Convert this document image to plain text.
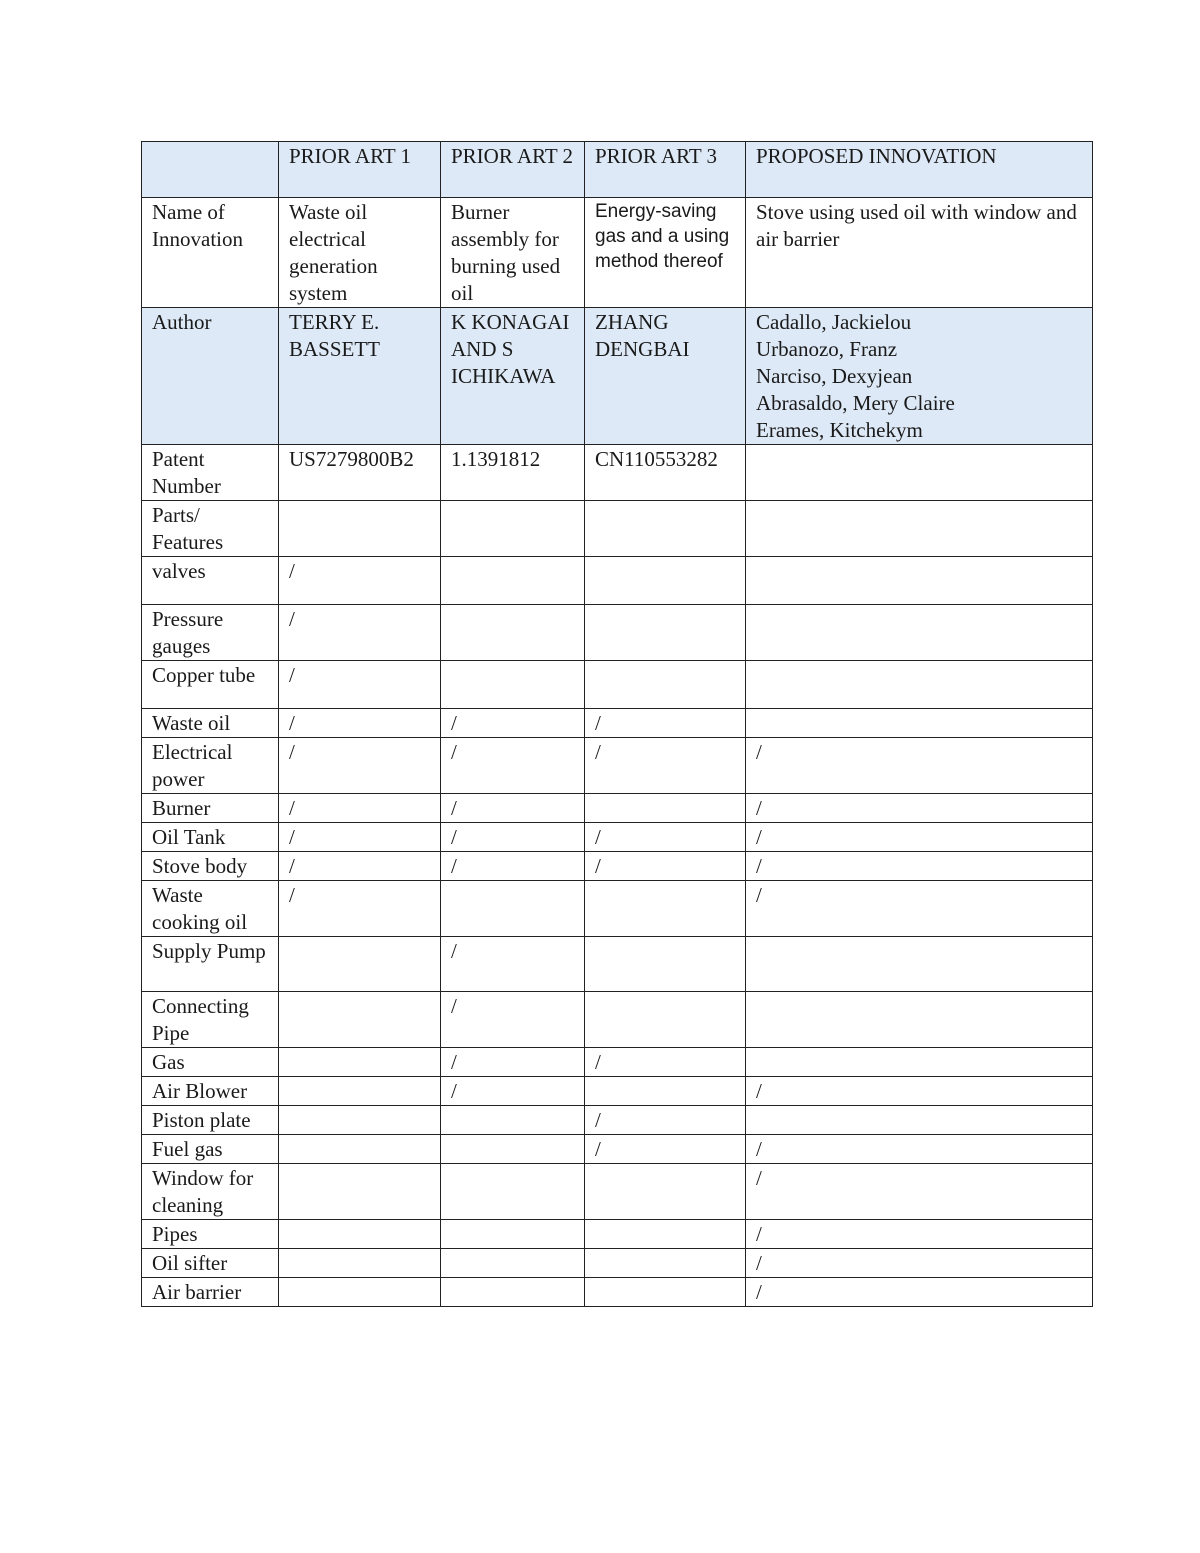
	PRIOR ART 1	PRIOR ART 2	PRIOR ART 3	PROPOSED INNOVATION
Name of Innovation	Waste oil electrical generation system	Burner assembly for burning used oil	Energy-saving gas and a using method thereof	Stove using used oil with window and air barrier
Author	TERRY E. BASSETT	K KONAGAI AND S ICHIKAWA	ZHANG DENGBAI	Cadallo, Jackielou
Urbanozo, Franz
Narciso, Dexyjean
Abrasaldo, Mery Claire
Erames, Kitchekym

Patent Number	US7279800B2	1.1391812	CN110553282	
Parts/ Features				
valves	/			
Pressure gauges	/			
Copper tube	/			
Waste oil	/	/	/	
Electrical power	/	/	/	/
Burner	/	/		/
Oil Tank	/	/	/	/
Stove body	/	/	/	/
Waste cooking oil	/			/
Supply Pump		/		
Connecting Pipe		/		
Gas		/	/	
Air Blower		/		/
Piston plate			/	
Fuel gas			/	/
Window for cleaning				/
Pipes				/
Oil sifter				/
Air barrier				/
